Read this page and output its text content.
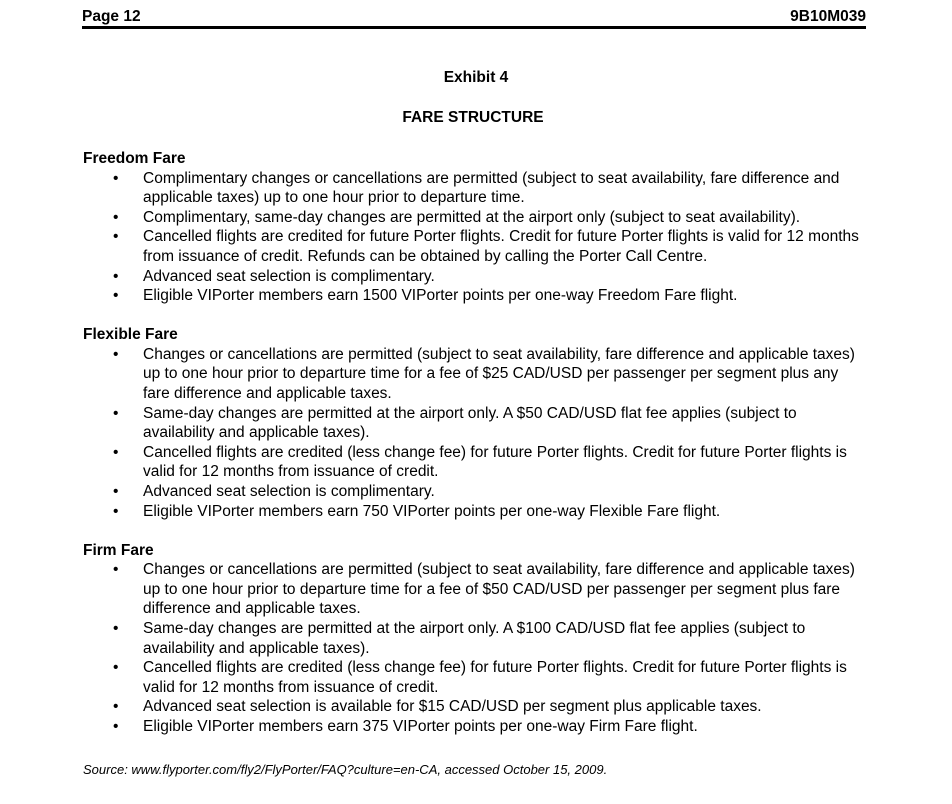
Page 12	9B10M039
Exhibit 4
FARE STRUCTURE
Freedom Fare
• Complimentary changes or cancellations are permitted (subject to seat availability, fare difference and applicable taxes) up to one hour prior to departure time.
• Complimentary, same-day changes are permitted at the airport only (subject to seat availability).
• Cancelled flights are credited for future Porter flights. Credit for future Porter flights is valid for 12 months from issuance of credit. Refunds can be obtained by calling the Porter Call Centre.
• Advanced seat selection is complimentary.
• Eligible VIPorter members earn 1500 VIPorter points per one-way Freedom Fare flight.
Flexible Fare
• Changes or cancellations are permitted (subject to seat availability, fare difference and applicable taxes) up to one hour prior to departure time for a fee of $25 CAD/USD per passenger per segment plus any fare difference and applicable taxes.
• Same-day changes are permitted at the airport only. A $50 CAD/USD flat fee applies (subject to availability and applicable taxes).
• Cancelled flights are credited (less change fee) for future Porter flights. Credit for future Porter flights is valid for 12 months from issuance of credit.
• Advanced seat selection is complimentary.
• Eligible VIPorter members earn 750 VIPorter points per one-way Flexible Fare flight.
Firm Fare
• Changes or cancellations are permitted (subject to seat availability, fare difference and applicable taxes) up to one hour prior to departure time for a fee of $50 CAD/USD per passenger per segment plus fare difference and applicable taxes.
• Same-day changes are permitted at the airport only. A $100 CAD/USD flat fee applies (subject to availability and applicable taxes).
• Cancelled flights are credited (less change fee) for future Porter flights. Credit for future Porter flights is valid for 12 months from issuance of credit.
• Advanced seat selection is available for $15 CAD/USD per segment plus applicable taxes.
• Eligible VIPorter members earn 375 VIPorter points per one-way Firm Fare flight.
Source: www.flyporter.com/fly2/FlyPorter/FAQ?culture=en-CA, accessed October 15, 2009.
